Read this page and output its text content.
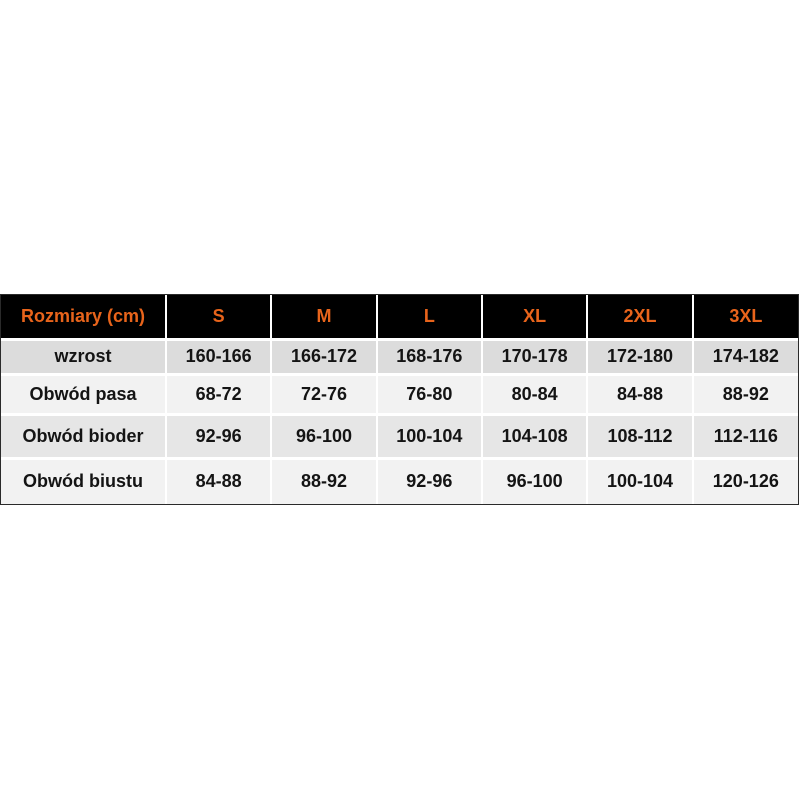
Rozmiary (cm)	S	M	L	XL	2XL	3XL
wzrost	160-166	166-172	168-176	170-178	172-180	174-182
Obwód pasa	68-72	72-76	76-80	80-84	84-88	88-92
Obwód bioder	92-96	96-100	100-104	104-108	108-112	112-116
Obwód biustu	84-88	88-92	92-96	96-100	100-104	120-126
